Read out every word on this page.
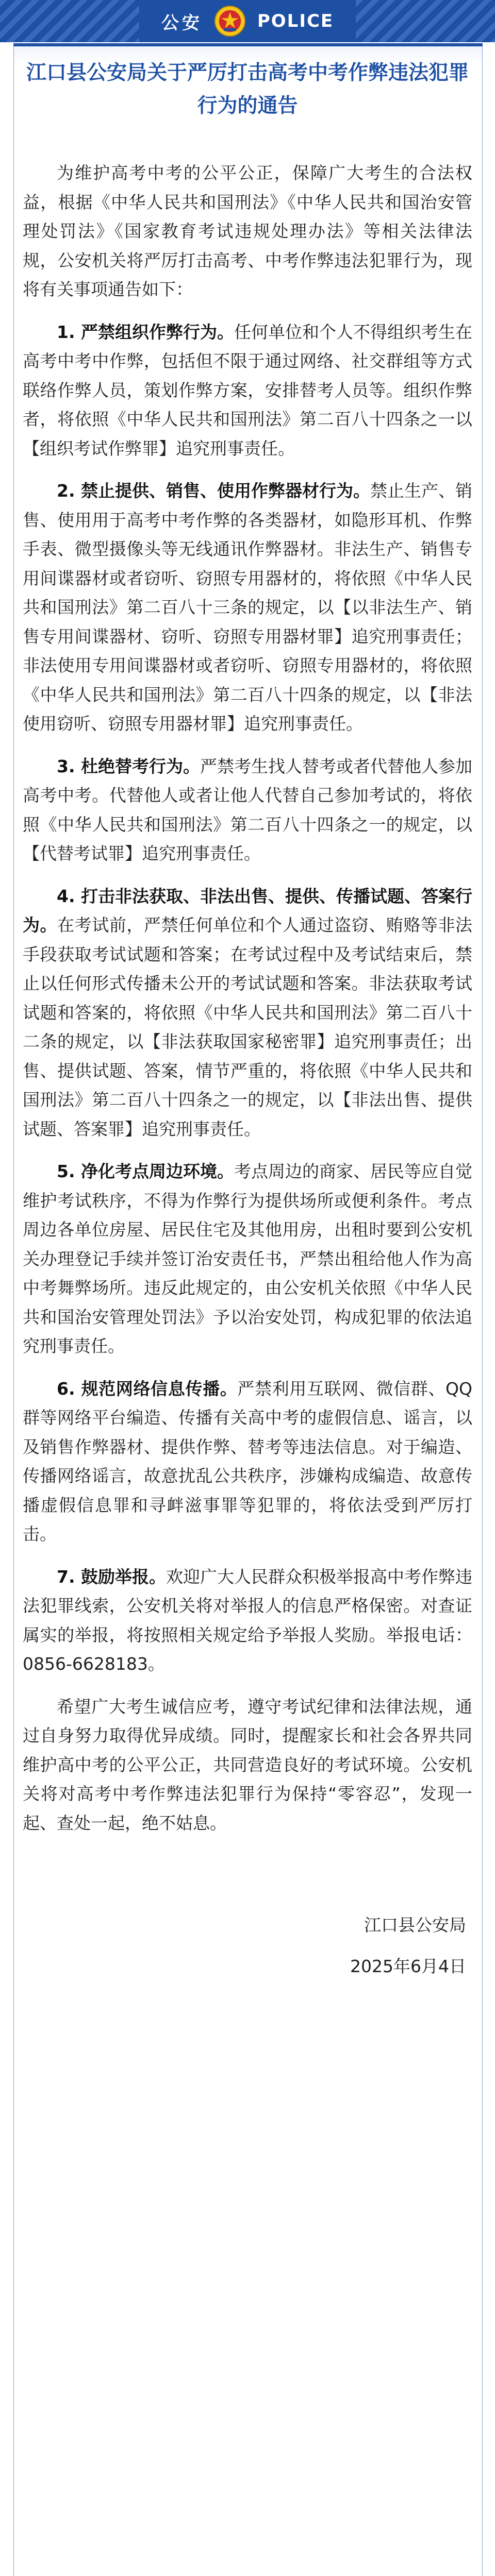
公安	POLICE
江口县公安局关于严厉打击高考中考作弊违法犯罪行为的通告

为维护高考中考的公平公正，保障广大考生的合法权益，根据《中华人民共和国刑法》《中华人民共和国治安管理处罚法》《国家教育考试违规处理办法》等相关法律法规，公安机关将严厉打击高考、中考作弊违法犯罪行为，现将有关事项通告如下：

1. 严禁组织作弊行为。任何单位和个人不得组织考生在高考中考中作弊，包括但不限于通过网络、社交群组等方式联络作弊人员，策划作弊方案，安排替考人员等。组织作弊者，将依照《中华人民共和国刑法》第二百八十四条之一以【组织考试作弊罪】追究刑事责任。

2. 禁止提供、销售、使用作弊器材行为。禁止生产、销售、使用用于高考中考作弊的各类器材，如隐形耳机、作弊手表、微型摄像头等无线通讯作弊器材。非法生产、销售专用间谍器材或者窃听、窃照专用器材的，将依照《中华人民共和国刑法》第二百八十三条的规定，以【以非法生产、销售专用间谍器材、窃听、窃照专用器材罪】追究刑事责任；非法使用专用间谍器材或者窃听、窃照专用器材的，将依照《中华人民共和国刑法》第二百八十四条的规定，以【非法使用窃听、窃照专用器材罪】追究刑事责任。

3. 杜绝替考行为。严禁考生找人替考或者代替他人参加高考中考。代替他人或者让他人代替自己参加考试的，将依照《中华人民共和国刑法》第二百八十四条之一的规定，以【代替考试罪】追究刑事责任。

4. 打击非法获取、非法出售、提供、传播试题、答案行为。在考试前，严禁任何单位和个人通过盗窃、贿赂等非法手段获取考试试题和答案；在考试过程中及考试结束后，禁止以任何形式传播未公开的考试试题和答案。非法获取考试试题和答案的，将依照《中华人民共和国刑法》第二百八十二条的规定，以【非法获取国家秘密罪】追究刑事责任；出售、提供试题、答案，情节严重的，将依照《中华人民共和国刑法》第二百八十四条之一的规定，以【非法出售、提供试题、答案罪】追究刑事责任。

5. 净化考点周边环境。考点周边的商家、居民等应自觉维护考试秩序，不得为作弊行为提供场所或便利条件。考点周边各单位房屋、居民住宅及其他用房，出租时要到公安机关办理登记手续并签订治安责任书，严禁出租给他人作为高中考舞弊场所。违反此规定的，由公安机关依照《中华人民共和国治安管理处罚法》予以治安处罚，构成犯罪的依法追究刑事责任。

6. 规范网络信息传播。严禁利用互联网、微信群、QQ群等网络平台编造、传播有关高中考的虚假信息、谣言，以及销售作弊器材、提供作弊、替考等违法信息。对于编造、传播网络谣言，故意扰乱公共秩序，涉嫌构成编造、故意传播虚假信息罪和寻衅滋事罪等犯罪的，将依法受到严厉打击。

7. 鼓励举报。欢迎广大人民群众积极举报高中考作弊违法犯罪线索，公安机关将对举报人的信息严格保密。对查证属实的举报，将按照相关规定给予举报人奖励。举报电话：0856-6628183。

希望广大考生诚信应考，遵守考试纪律和法律法规，通过自身努力取得优异成绩。同时，提醒家长和社会各界共同维护高中考的公平公正，共同营造良好的考试环境。公安机关将对高考中考作弊违法犯罪行为保持“零容忍”，发现一起、查处一起，绝不姑息。

江口县公安局
2025年6月4日
